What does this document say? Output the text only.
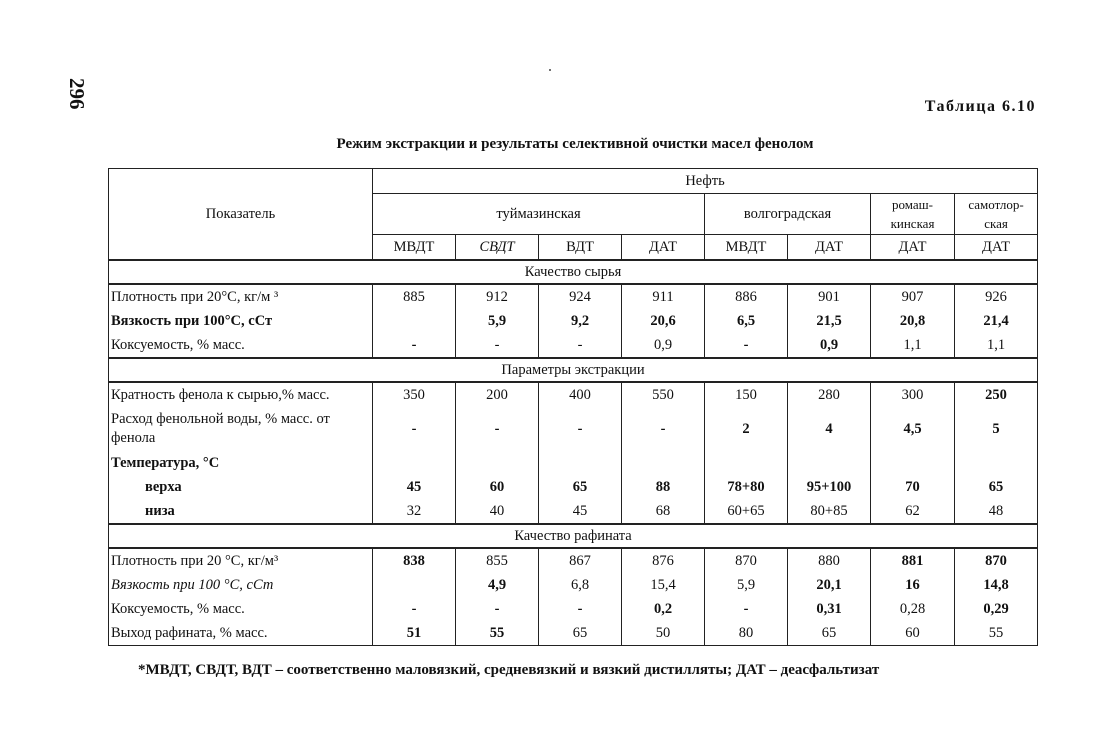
296	Таблица 6.10
Режим экстракции и результаты селективной очистки масел фенолом
Показатель	Нефть							
	туймазинская				волгоградская		ромаш-кинская	самотлор-ская
	МВДТ	СВДТ	ВДТ	ДАТ	МВДТ	ДАТ	ДАТ	ДАТ
Качество сырья								
Плотность при 20°С, кг/м ³	885	912	924	911	886	901	907	926
Вязкость при 100°С, сСт		5,9	9,2	20,6	6,5	21,5	20,8	21,4
Коксуемость, % масс.	-	-	-	0,9	-	0,9	1,1	1,1
Параметры экстракции								
Кратность фенола к сырью,% масс.	350	200	400	550	150	280	300	250
Расход фенольной воды, % масс. от фенола	-	-	-	-	2	4	4,5	5
Температура, °С								
верха	45	60	65	88	78+80	95+100	70	65
низа	32	40	45	68	60+65	80+85	62	48
Качество рафината								
Плотность при 20 °С, кг/м³	838	855	867	876	870	880	881	870
Вязкость при 100 °С, сСт		4,9	6,8	15,4	5,9	20,1	16	14,8
Коксуемость, % масс.	-	-	-	0,2	-	0,31	0,28	0,29
Выход рафината, % масс.	51	55	65	50	80	65	60	55
*МВДТ, СВДТ, ВДТ – соответственно маловязкий, средневязкий и вязкий дистилляты; ДАТ – деасфальтизат
